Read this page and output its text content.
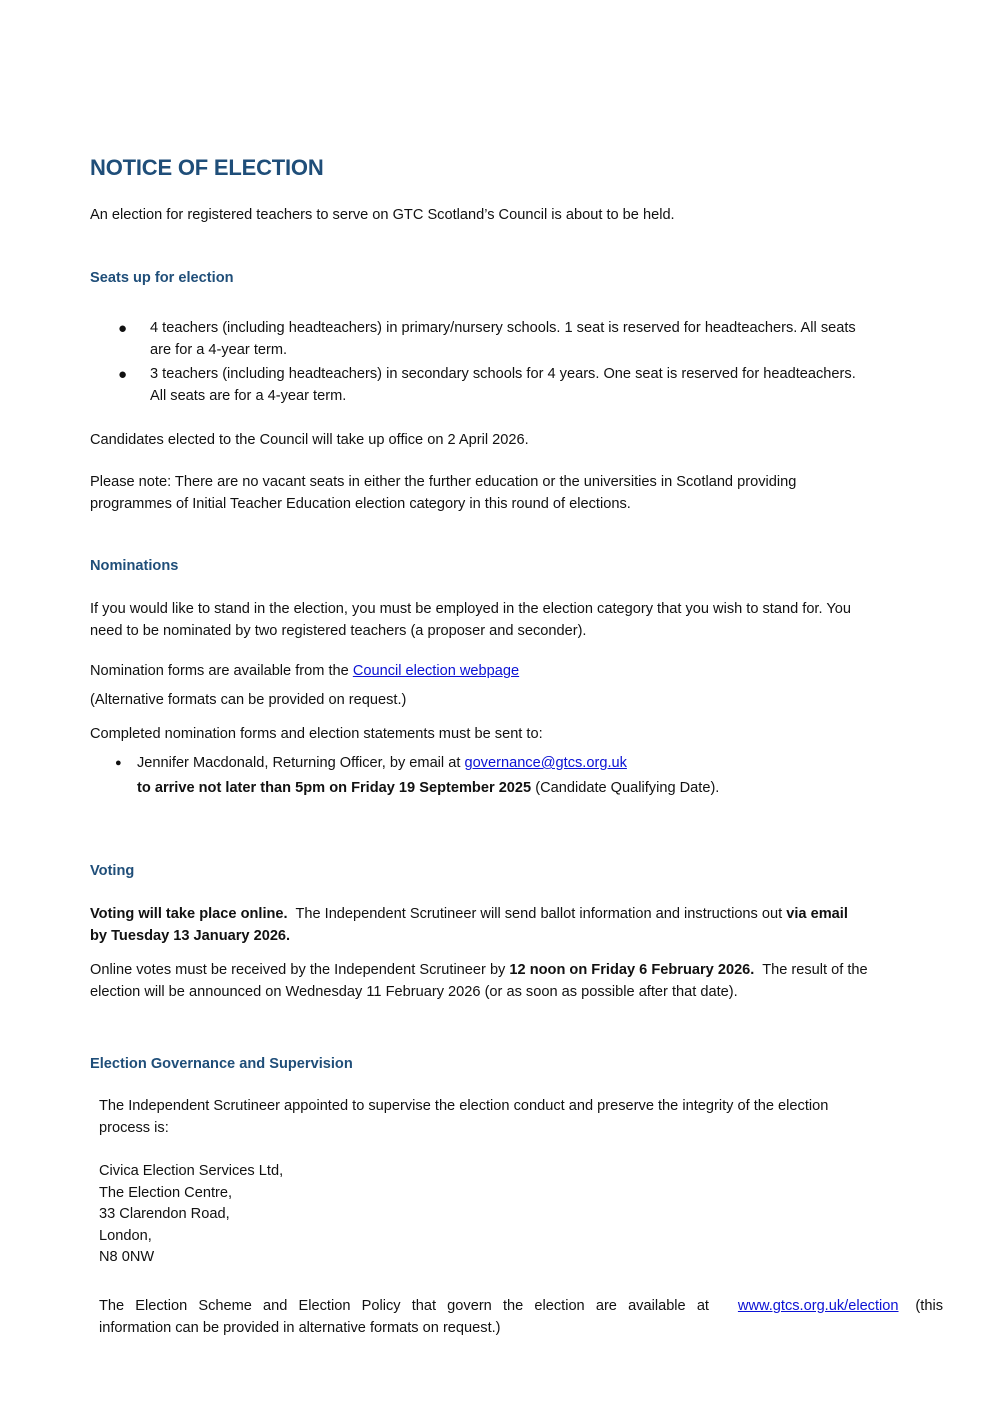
NOTICE OF ELECTION
An election for registered teachers to serve on GTC Scotland’s Council is about to be held.
Seats up for election
● 4 teachers (including headteachers) in primary/nursery schools. 1 seat is reserved for headteachers. All seats
are for a 4-year term.
● 3 teachers (including headteachers) in secondary schools for 4 years. One seat is reserved for headteachers.
All seats are for a 4-year term.
Candidates elected to the Council will take up office on 2 April 2026.
Please note: There are no vacant seats in either the further education or the universities in Scotland providing
programmes of Initial Teacher Education election category in this round of elections.
Nominations
If you would like to stand in the election, you must be employed in the election category that you wish to stand for. You
need to be nominated by two registered teachers (a proposer and seconder).
Nomination forms are available from the Council election webpage
(Alternative formats can be provided on request.)
Completed nomination forms and election statements must be sent to:
● Jennifer Macdonald, Returning Officer, by email at governance@gtcs.org.uk
to arrive not later than 5pm on Friday 19 September 2025 (Candidate Qualifying Date).
Voting
Voting will take place online.  The Independent Scrutineer will send ballot information and instructions out via email
by Tuesday 13 January 2026.
Online votes must be received by the Independent Scrutineer by 12 noon on Friday 6 February 2026.  The result of the
election will be announced on Wednesday 11 February 2026 (or as soon as possible after that date).
Election Governance and Supervision
The Independent Scrutineer appointed to supervise the election conduct and preserve the integrity of the election
process is:
Civica Election Services Ltd,
The Election Centre,
33 Clarendon Road,
London,
N8 0NW
The Election Scheme and Election Policy that govern the election are available at www.gtcs.org.uk/election (this
information can be provided in alternative formats on request.)
